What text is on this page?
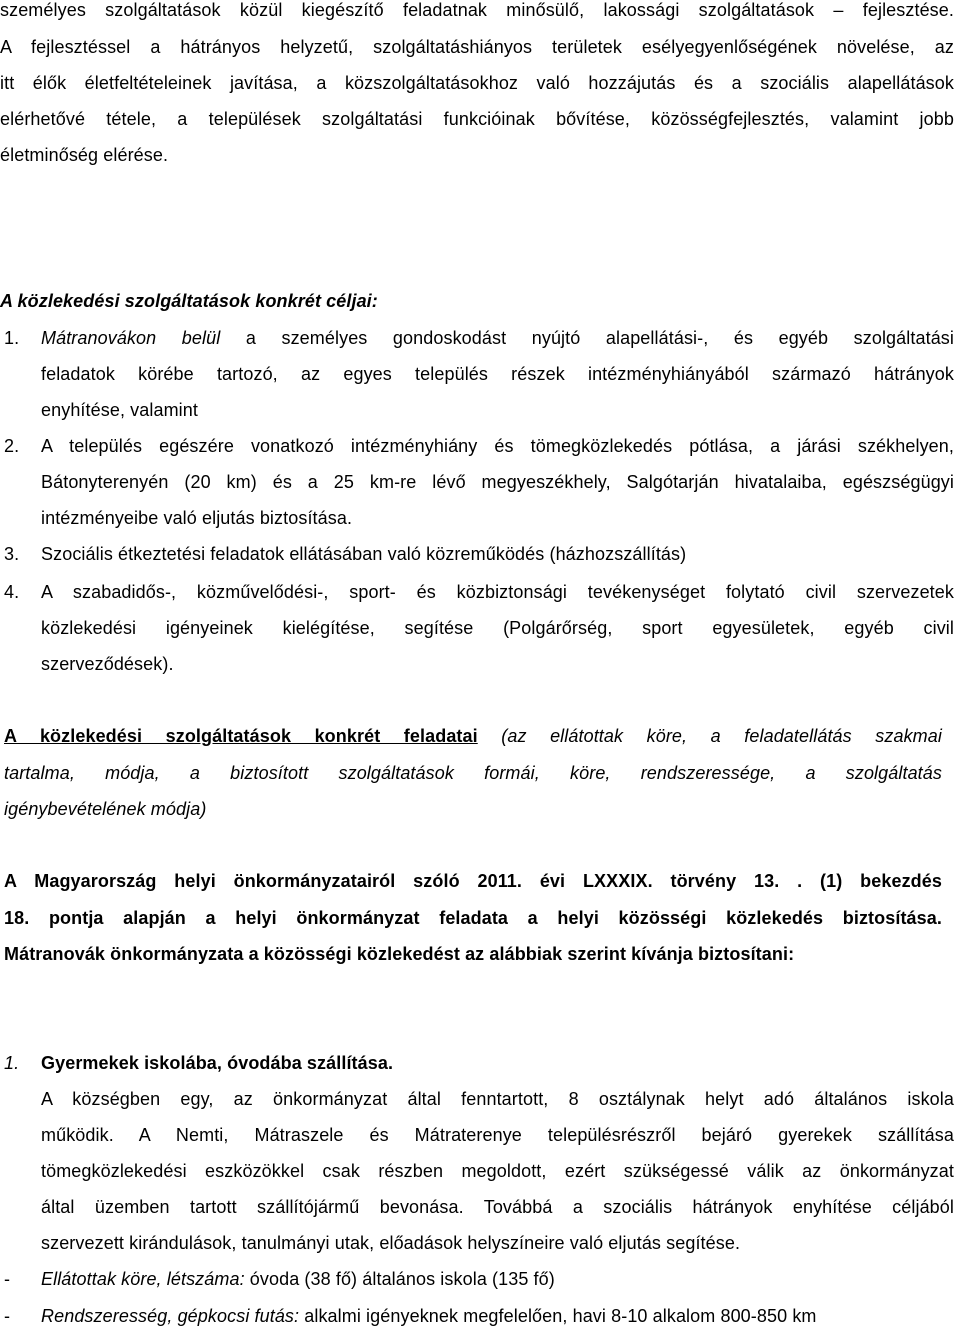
személyes szolgáltatások közül kiegészítő feladatnak minősülő, lakossági szolgáltatások – fejlesztése.
A fejlesztéssel a hátrányos helyzetű, szolgáltatáshiányos területek esélyegyenlőségének növelése, az
itt élők életfeltételeinek javítása, a közszolgáltatásokhoz való hozzájutás és a szociális alapellátások
elérhetővé tétele, a települések szolgáltatási funkcióinak bővítése, közösségfejlesztés, valamint jobb
életminőség elérése.
A közlekedési szolgáltatások konkrét céljai:
1. Mátranovákon belül a személyes gondoskodást nyújtó alapellátási-, és egyéb szolgáltatási
feladatok körébe tartozó, az egyes település részek intézményhiányából származó hátrányok
enyhítése, valamint
2. A település egészére vonatkozó intézményhiány és tömegközlekedés pótlása, a járási székhelyen,
Bátonyterenyén (20 km) és a 25 km-re lévő megyeszékhely, Salgótarján hivatalaiba, egészségügyi
intézményeibe való eljutás biztosítása.
3. Szociális étkeztetési feladatok ellátásában való közreműködés (házhozszállítás)
4. A szabadidős-, közművelődési-, sport- és közbiztonsági tevékenységet folytató civil szervezetek
közlekedési igényeinek kielégítése, segítése (Polgárőrség, sport egyesületek, egyéb civil
szerveződések).
A közlekedési szolgáltatások konkrét feladatai (az ellátottak köre, a feladatellátás szakmai
tartalma, módja, a biztosított szolgáltatások formái, köre, rendszeressége, a szolgáltatás
igénybevételének módja)
A Magyarország helyi önkormányzatairól szóló 2011. évi LXXXIX. törvény 13. . (1) bekezdés
18. pontja alapján a helyi önkormányzat feladata a helyi közösségi közlekedés biztosítása.
Mátranovák önkormányzata a közösségi közlekedést az alábbiak szerint kívánja biztosítani:
1. Gyermekek iskolába, óvodába szállítása.
A községben egy, az önkormányzat által fenntartott, 8 osztálynak helyt adó általános iskola
működik. A Nemti, Mátraszele és Mátraterenye településrészről bejáró gyerekek szállítása
tömegközlekedési eszközökkel csak részben megoldott, ezért szükségessé válik az önkormányzat
által üzemben tartott szállítójármű bevonása. Továbbá a szociális hátrányok enyhítése céljából
szervezett kirándulások, tanulmányi utak, előadások helyszíneire való eljutás segítése.
- Ellátottak köre, létszáma: óvoda (38 fő) általános iskola (135 fő)
- Rendszeresség, gépkocsi futás: alkalmi igényeknek megfelelően, havi 8-10 alkalom 800-850 km
